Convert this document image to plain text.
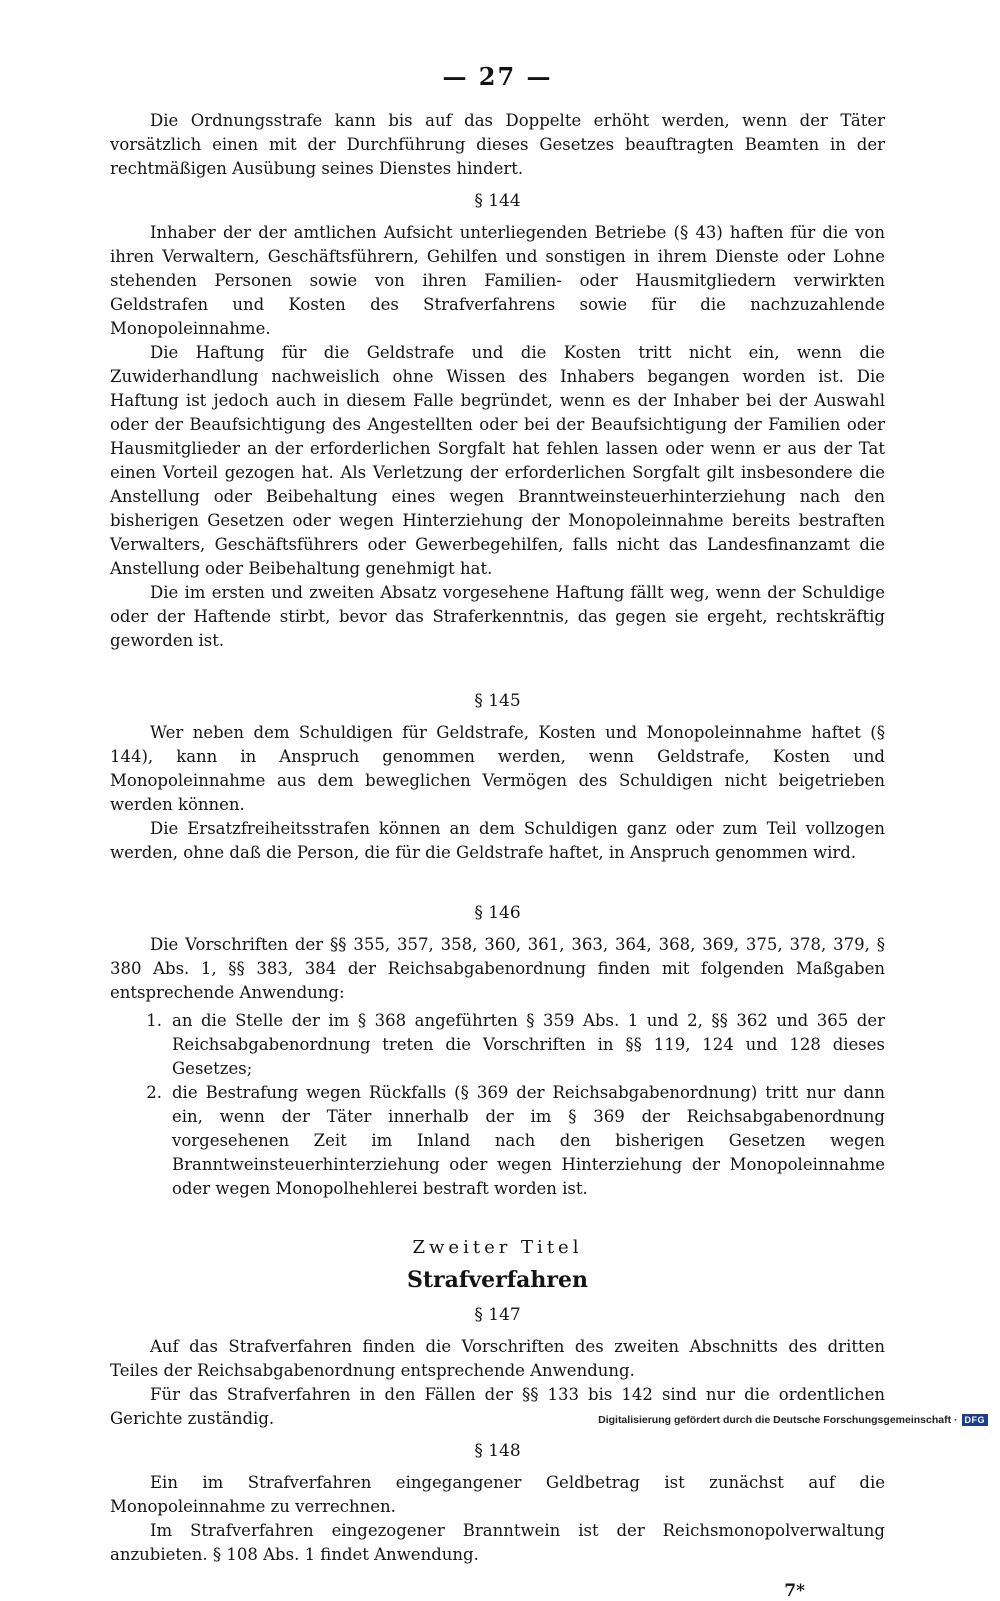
— 27 —

Die Ordnungsstrafe kann bis auf das Doppelte erhöht werden, wenn der Täter vorsätzlich einen mit der Durchführung dieses Gesetzes beauftragten Beamten in der rechtmäßigen Ausübung seines Dienstes hindert.

§ 144

Inhaber der der amtlichen Aufsicht unterliegenden Betriebe (§ 43) haften für die von ihren Verwaltern, Geschäftsführern, Gehilfen und sonstigen in ihrem Dienste oder Lohne stehenden Personen sowie von ihren Familien- oder Hausmitgliedern verwirkten Geldstrafen und Kosten des Strafverfahrens sowie für die nachzuzahlende Monopoleinnahme.

Die Haftung für die Geldstrafe und die Kosten tritt nicht ein, wenn die Zuwiderhandlung nachweislich ohne Wissen des Inhabers begangen worden ist. Die Haftung ist jedoch auch in diesem Falle begründet, wenn es der Inhaber bei der Auswahl oder der Beaufsichtigung des Angestellten oder bei der Beaufsichtigung der Familien oder Hausmitglieder an der erforderlichen Sorgfalt hat fehlen lassen oder wenn er aus der Tat einen Vorteil gezogen hat. Als Verletzung der erforderlichen Sorgfalt gilt insbesondere die Anstellung oder Beibehaltung eines wegen Branntweinsteuerhinterziehung nach den bisherigen Gesetzen oder wegen Hinterziehung der Monopoleinnahme bereits bestraften Verwalters, Geschäftsführers oder Gewerbegehilfen, falls nicht das Landesfinanzamt die Anstellung oder Beibehaltung genehmigt hat.

Die im ersten und zweiten Absatz vorgesehene Haftung fällt weg, wenn der Schuldige oder der Haftende stirbt, bevor das Straferkenntnis, das gegen sie ergeht, rechtskräftig geworden ist.

§ 145

Wer neben dem Schuldigen für Geldstrafe, Kosten und Monopoleinnahme haftet (§ 144), kann in Anspruch genommen werden, wenn Geldstrafe, Kosten und Monopoleinnahme aus dem beweglichen Vermögen des Schuldigen nicht beigetrieben werden können.

Die Ersatzfreiheitsstrafen können an dem Schuldigen ganz oder zum Teil vollzogen werden, ohne daß die Person, die für die Geldstrafe haftet, in Anspruch genommen wird.

§ 146

Die Vorschriften der §§ 355, 357, 358, 360, 361, 363, 364, 368, 369, 375, 378, 379, § 380 Abs. 1, §§ 383, 384 der Reichsabgabenordnung finden mit folgenden Maßgaben entsprechende Anwendung:

1. an die Stelle der im § 368 angeführten § 359 Abs. 1 und 2, §§ 362 und 365 der Reichsabgabenordnung treten die Vorschriften in §§ 119, 124 und 128 dieses Gesetzes;
2. die Bestrafung wegen Rückfalls (§ 369 der Reichsabgabenordnung) tritt nur dann ein, wenn der Täter innerhalb der im § 369 der Reichsabgabenordnung vorgesehenen Zeit im Inland nach den bisherigen Gesetzen wegen Branntweinsteuerhinterziehung oder wegen Hinterziehung der Monopoleinnahme oder wegen Monopolhehlerei bestraft worden ist.
Zweiter Titel
Strafverfahren
§ 147

Auf das Strafverfahren finden die Vorschriften des zweiten Abschnitts des dritten Teiles der Reichsabgabenordnung entsprechende Anwendung.

Für das Strafverfahren in den Fällen der §§ 133 bis 142 sind nur die ordentlichen Gerichte zuständig.

§ 148

Ein im Strafverfahren eingegangener Geldbetrag ist zunächst auf die Monopoleinnahme zu verrechnen.

Im Strafverfahren eingezogener Branntwein ist der Reichsmonopolverwaltung anzubieten. § 108 Abs. 1 findet Anwendung.

7*
Digitalisierung gefördert durch die Deutsche Forschungsgemeinschaft · DFG
